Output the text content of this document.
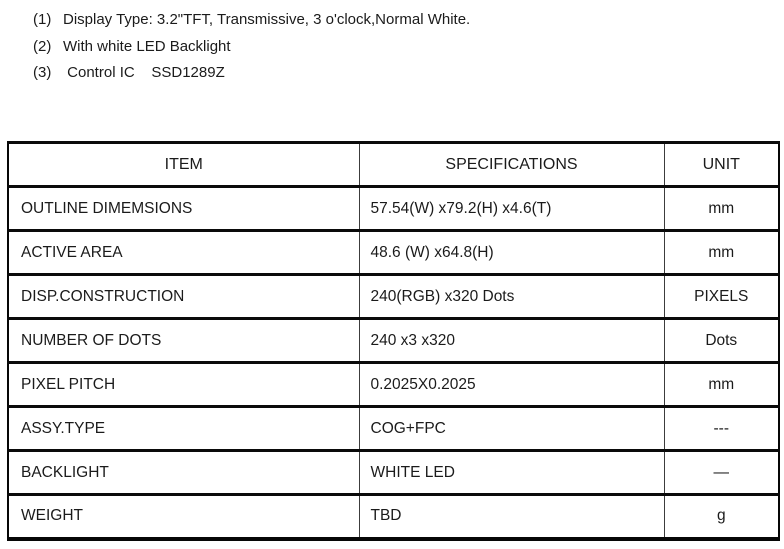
(1) Display Type: 3.2"TFT, Transmissive, 3 o'clock,Normal White.
(2) With white LED Backlight
(3) Control IC    SSD1289Z
ITEM	SPECIFICATIONS	UNIT
OUTLINE DIMEMSIONS	57.54(W) x79.2(H) x4.6(T)	mm
ACTIVE AREA	48.6 (W) x64.8(H)	mm
DISP.CONSTRUCTION	240(RGB) x320 Dots	PIXELS
NUMBER OF DOTS	240 x3 x320	Dots
PIXEL PITCH	0.2025X0.2025	mm
ASSY.TYPE	COG+FPC	---
BACKLIGHT	WHITE LED	—
WEIGHT	TBD	g
